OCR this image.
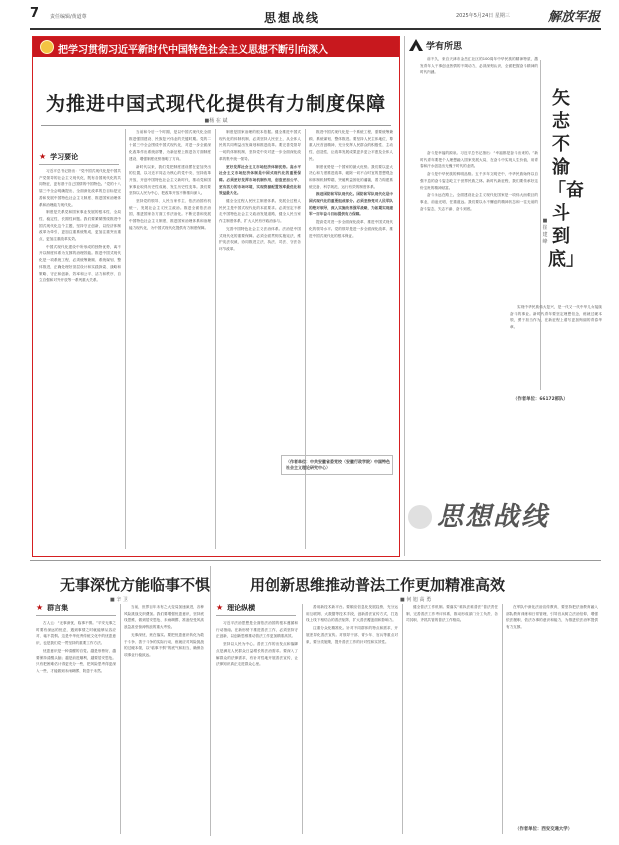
7 责任编辑/黄道尊	思想战线	2025年5月24日 星期三	解放军报
把学习贯彻习近平新时代中国特色社会主义思想不断引向深入
为推进中国式现代化提供有力制度保障
■杨 在 斌
★ 学习要论

习近平总书记指出：“党中国式现代化是中国共产党领导的社会主义现代化，既有各国现代化的共同特征，更有基于自己国情的中国特色。”党的十八届三中全会明确提出，全面深化改革的总目标是完善和发展中国特色社会主义制度、推进国家治理体系和治理能力现代化。

制度是关系党和国家事业发展的根本性、全局性、稳定性、长期性问题。我们要紧紧围绕推进中国式现代化这个主题，坚持守正创新，以经济体制改革为牵引，更加注重系统集成，更加注重突出重点，更加注重改革实效。

中国式现代化建设中所形成的独特优势，离不开以制度体系为支撑的治理效能。推进中国式现代化是一项系统工程，必须统筹兼顾、系统谋划、整体推进，正确处理好顶层设计和实践探索、战略和策略、守正和创新、效率和公平、活力和秩序、自立自强和对外开放等一系列重大关系。

当前和今后一个时期，是以中国式现代化全面推进强国建设、民族复兴伟业的关键时期。党的二十届三中全会围绕中国式现代化，对进一步全面深化改革作出系统部署，为新征程上推进各方面制度建设、增强制度优势指明了方向。

新时代以来，我们党把制度建设摆在更加突出的位置，以习近平同志为核心的党中央，坚持改革开放，开创中国特色社会主义新时代，推动党和国家事业取得历史性成就、发生历史性变革。我们要坚持以人民为中心，把改革开放不断推向深入。

坚持党的领导、人民当家作主、依法治国有机统一，发展社会主义民主政治。推进全面依法治国，推进国家各方面工作法治化。不断完善和发展中国特色社会主义制度，推进国家治理体系和治理能力现代化，为中国式现代化提供有力制度保障。

制度是国家治理的根本依据。健全推进中国式现代化的体制机制，必须坚持人民至上，从全体人民的共同利益出发谋划和推进改革。要完善党领导一切的体制机制，坚持党中央对进一步全面深化改革的集中统一领导。

更好发挥社会主义市场经济体制优势。高水平社会主义市场经济体制是中国式现代化的重要保障。必须更好发挥市场机制作用，创造更加公平、更有活力的市场环境，实现资源配置效率最优化和效益最大化。

健全全过程人民民主制度体系。发展全过程人民民主是中国式现代化的本质要求。必须坚定不移走中国特色社会主义政治发展道路，健全人民当家作主制度体系，扩大人民有序政治参与。

完善中国特色社会主义法治体系。法治是中国式现代化的重要保障。必须全面贯彻实施宪法，维护宪法权威，协同推进立法、执法、司法、守法各环节改革。

推进中国式现代化是一个系统工程，需要统筹兼顾、系统谋划、整体推进。要坚持人民主体地位，尊重人民首创精神，充分发挥人民群众的积极性、主动性、创造性，让改革发展成果更多更公平惠及全体人民。

制度优势是一个国家的最大优势。我们要以更大决心和力度推进改革，破除一切不合时宜的思想观念和体制机制弊端，突破利益固化的藩篱，着力构建系统完备、科学规范、运行有效的制度体系。

推进国防和军队现代化。国防和军队现代化是中国式现代化的重要组成部分。必须坚持党对人民军队的绝对领导，深入实施改革强军战略，为如期实现建军一百年奋斗目标提供有力保障。

提高党对进一步全面深化改革、推进中国式现代化的领导水平。党的领导是进一步全面深化改革、推进中国式现代化的根本保证。

（作者单位：中共安徽省委党校（安徽行政学院）中国特色社会主义理论研究中心）
学有所思

前不久，来自天津市金岳汇社区的100周年中华民族的精神特质，激发青年人干事创业热情的不竭动力，必须深刻认识，全面把握奋斗精神的时代内涵。

矢志不渝「奋斗到底」
■ 崔 建 峰

奋斗是幸福的源泉。习近平总书记指出：“幸福都是奋斗出来的。”新时代青年要把个人理想融入国家发展大局，在奋斗中实现人生价值，用青春和汗水创造出无愧于时代的业绩。

奋斗是中华民族的鲜明品格。五千多年文明史中，中华民族始终以自强不息的奋斗姿态屹立于世界民族之林。新时代新征程，我们要传承好这份宝贵的精神财富。

奋斗永远在路上。全面建设社会主义现代化国家是一项伟大而艰巨的事业，前途光明，任重道远。我们要以永不懈怠的精神状态和一往无前的奋斗姿态，矢志不渝、奋斗到底。

实现中华民族伟大复兴，是一代又一代中华儿女接续奋斗的事业。新时代青年要坚定理想信念，练就过硬本领，勇于担当作为，在新征程上谱写更加绚丽的青春华章。

（作者单位：66172部队）
思想战线
无事深忧方能临事不惧
■ 辛 卫
★ 群言集

古人云：“无事深忧，临事不惧。”平安无事之时要有深远的忧虑，遇到事情之时就能够从容应对、毫不畏惧。这是中华优秀传统文化中的忧患意识，也是我们党一贯坚持的重要工作方法。

忧患意识是一种清醒的自觉。越是形势好，越要保持清醒头脑；越是前进顺利，越要居安思危。只有把困难估计得更充分一些，把风险思考得更深入一些，才能做到未雨绸缪、防患于未然。

当前，世界百年未有之大变局加速演进，各种风险挑战交织叠加。我们要增强忧患意识，坚持底线思维，做到居安思危、未雨绸缪，准备经受风高浪急甚至惊涛骇浪的重大考验。

无事深忧，贵在落实。要把忧患意识转化为敢于斗争、善于斗争的实际行动，练就应对风险挑战的过硬本领，以“临事不惧”的底气和担当，确保各项事业行稳致远。

用创新思维推动普法工作更加精准高效
■ 何 旭 高 勇
★ 理论纵横

习近平法治思想是全面依法治国的根本遵循和行动指南。在新形势下推进普法工作，必须坚持守正创新，以创新思维推动普法工作更加精准高效。

坚持以人民为中心。普法工作的出发点和落脚点是满足人民群众日益增长的法治需求。要深入了解群众的法律需求，有针对性地开展普法宣传，让法律知识真正走进群众心里。

善用新技术新平台。要顺应信息化发展趋势，充分运用互联网、大数据等技术手段，创新普法宣传方式，打造线上线下相结合的普法矩阵，扩大普法覆盖面和影响力。

注重分众化精准化。针对不同群体的特点和需求，开展差异化普法宣传。对领导干部、青少年、官兵等重点对象，要分类施策，提升普法工作的针对性和实效性。

健全普法工作机制。要落实“谁执法谁普法”普法责任制，完善普法工作考评体系，推动形成部门分工负责、各司其职、齐抓共管的普法工作格局。

在军队中深化法治宣传教育，要坚持把法治教育融入部队教育训练和日常管理，引导官兵树立法治信仰，增强依法履职、依法办事的意识和能力，为推进依法治军提供有力支撑。

（作者单位：西安交通大学）
